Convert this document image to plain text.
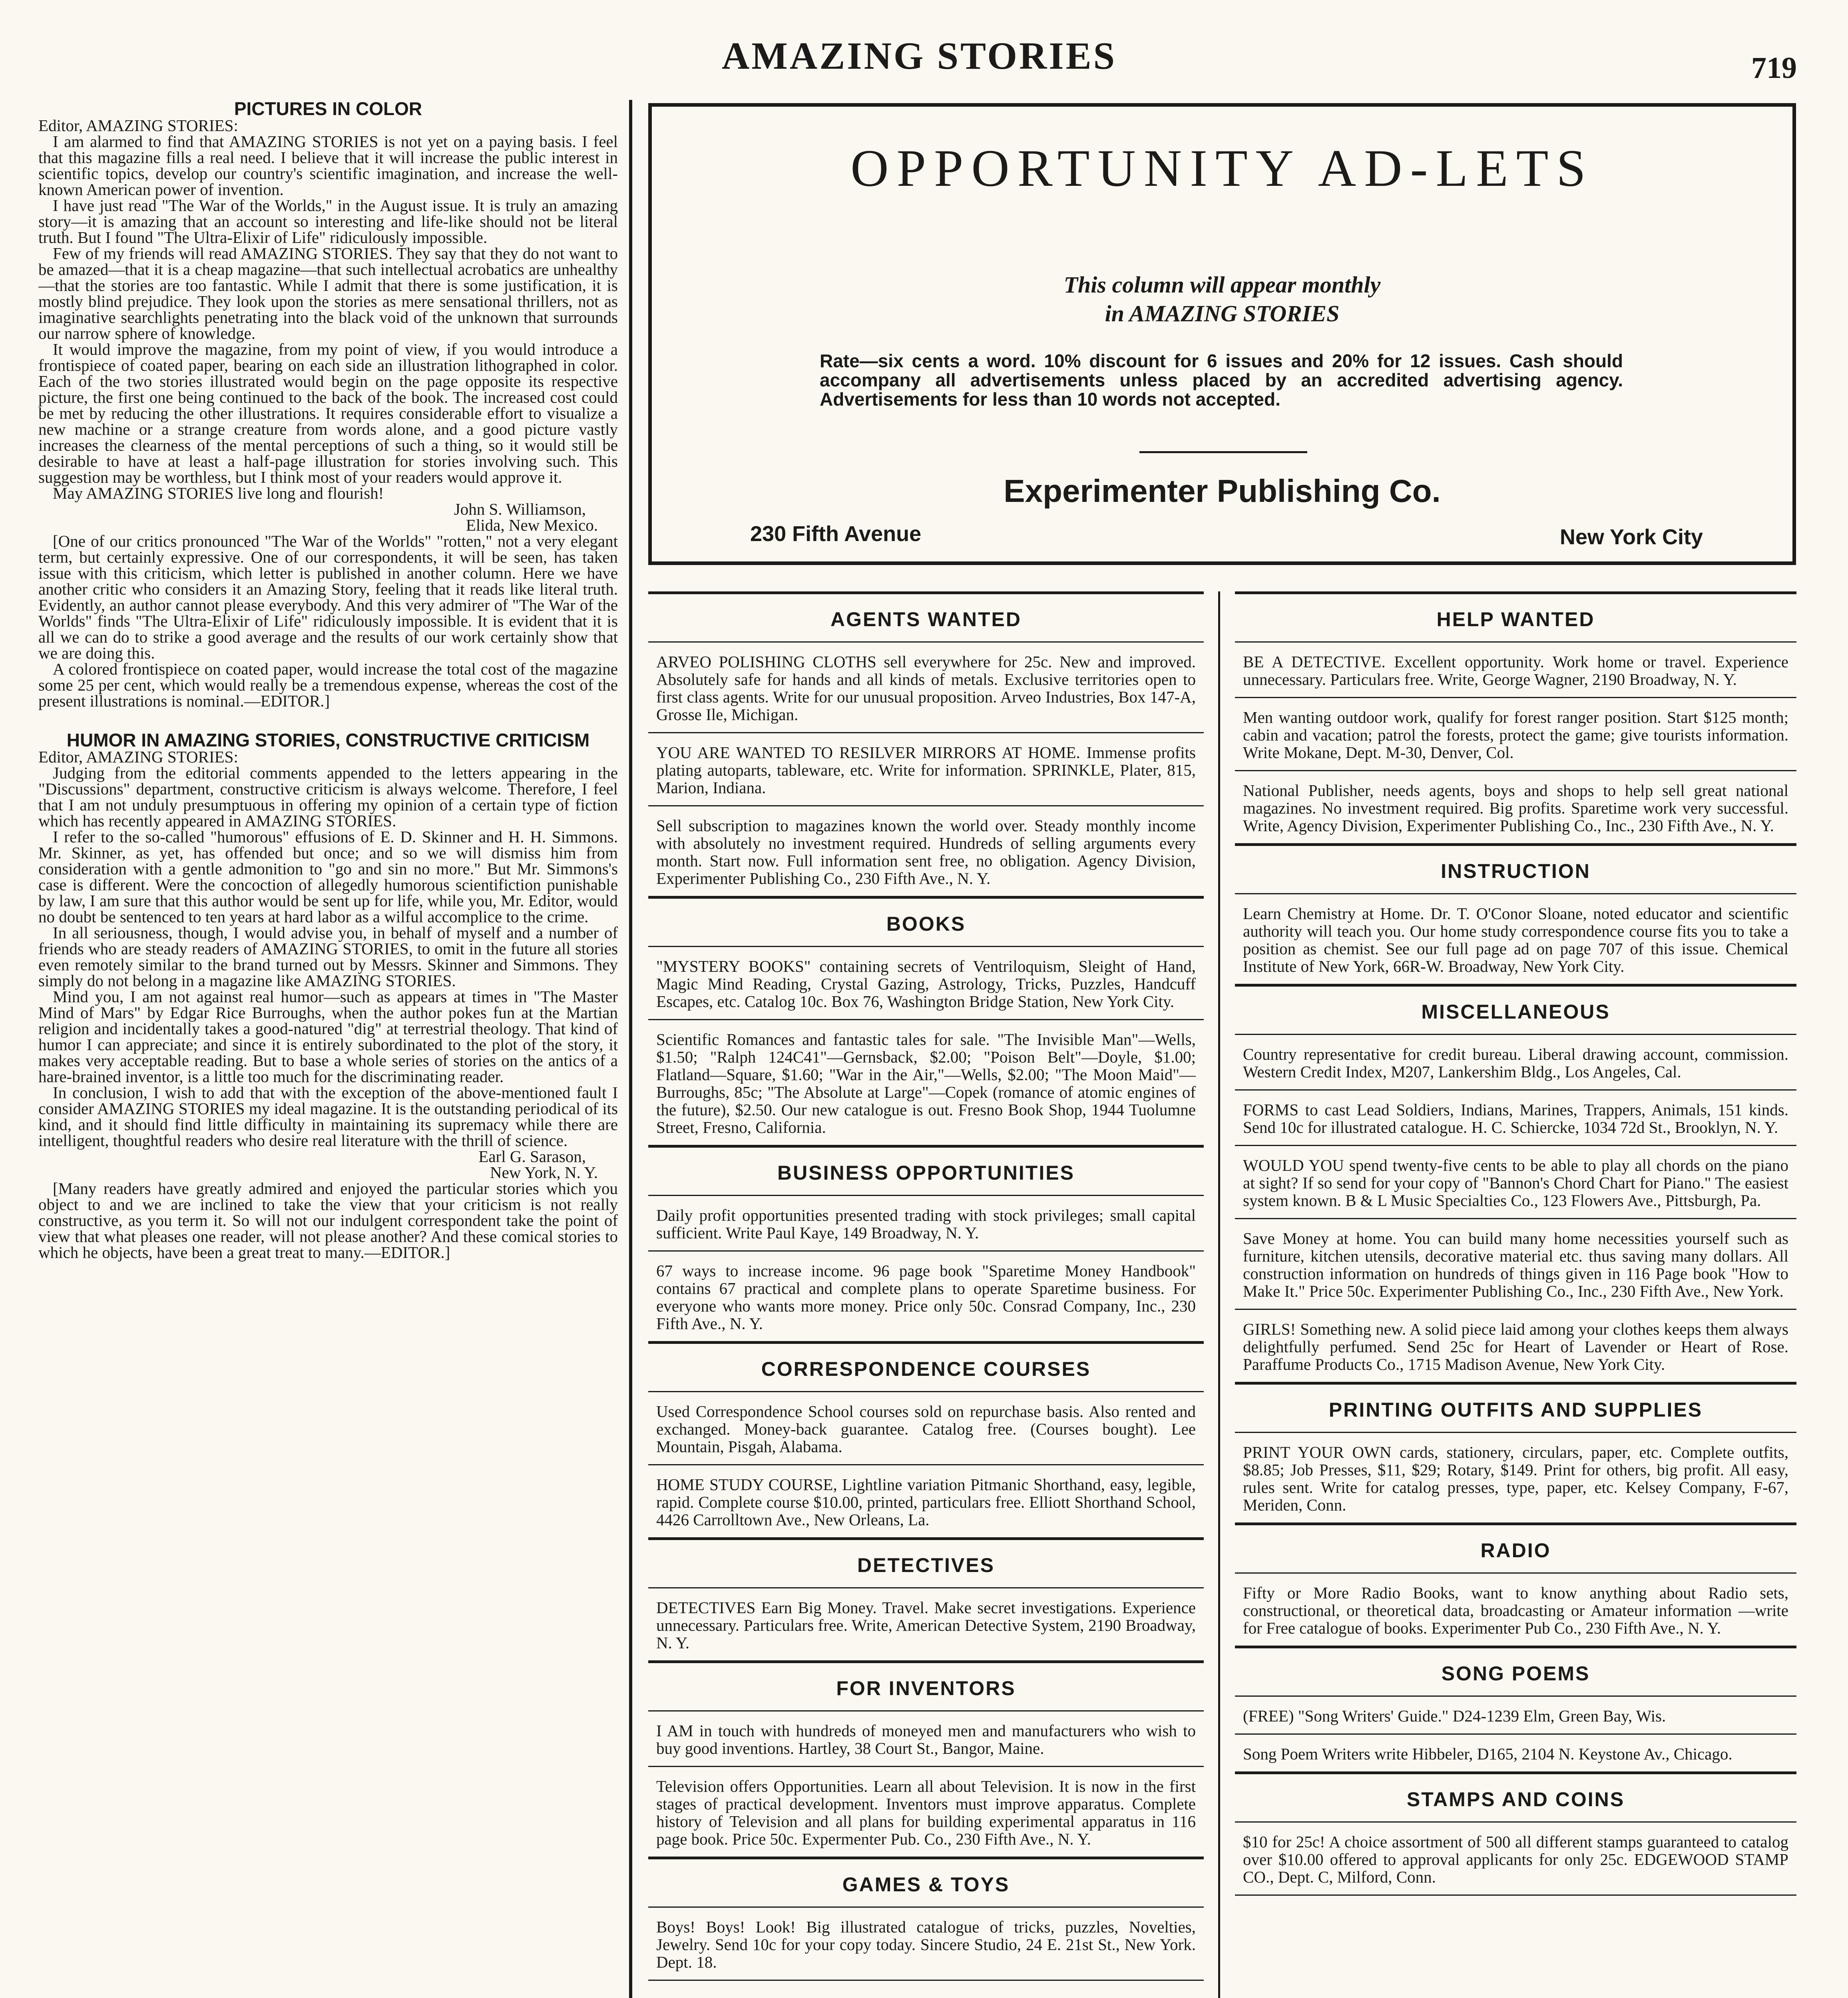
AMAZING STORIES	719
PICTURES IN COLOR

Editor, AMAZING STORIES:

I am alarmed to find that AMAZING STORIES is not yet on a paying basis. I feel that this magazine fills a real need. I believe that it will increase the public interest in scientific topics, develop our country's scientific imagination, and increase the well-known American power of invention.

I have just read "The War of the Worlds," in the August issue. It is truly an amazing story—it is amazing that an account so interesting and life-like should not be literal truth. But I found "The Ultra-Elixir of Life" ridiculously impossible.

Few of my friends will read AMAZING STORIES. They say that they do not want to be amazed—that it is a cheap magazine—that such intellectual acrobatics are unhealthy—that the stories are too fantastic. While I admit that there is some justification, it is mostly blind prejudice. They look upon the stories as mere sensational thrillers, not as imaginative searchlights penetrating into the black void of the unknown that surrounds our narrow sphere of knowledge.

It would improve the magazine, from my point of view, if you would introduce a frontispiece of coated paper, bearing on each side an illustration lithographed in color. Each of the two stories illustrated would begin on the page opposite its respective picture, the first one being continued to the back of the book. The increased cost could be met by reducing the other illustrations. It requires considerable effort to visualize a new machine or a strange creature from words alone, and a good picture vastly increases the clearness of the mental perceptions of such a thing, so it would still be desirable to have at least a half-page illustration for stories involving such. This suggestion may be worthless, but I think most of your readers would approve it.

May AMAZING STORIES live long and flourish!

John S. Williamson,

Elida, New Mexico.

[One of our critics pronounced "The War of the Worlds" "rotten," not a very elegant term, but certainly expressive. One of our correspondents, it will be seen, has taken issue with this criticism, which letter is published in another column. Here we have another critic who considers it an Amazing Story, feeling that it reads like literal truth. Evidently, an author cannot please everybody. And this very admirer of "The War of the Worlds" finds "The Ultra-Elixir of Life" ridiculously impossible. It is evident that it is all we can do to strike a good average and the results of our work certainly show that we are doing this.

A colored frontispiece on coated paper, would increase the total cost of the magazine some 25 per cent, which would really be a tremendous expense, whereas the cost of the present illustrations is nominal.—EDITOR.]

HUMOR IN AMAZING STORIES, CONSTRUCTIVE CRITICISM

Editor, AMAZING STORIES:

Judging from the editorial comments appended to the letters appearing in the "Discussions" department, constructive criticism is always welcome. Therefore, I feel that I am not unduly presumptuous in offering my opinion of a certain type of fiction which has recently appeared in AMAZING STORIES.

I refer to the so-called "humorous" effusions of E. D. Skinner and H. H. Simmons. Mr. Skinner, as yet, has offended but once; and so we will dismiss him from consideration with a gentle admonition to "go and sin no more." But Mr. Simmons's case is different. Were the concoction of allegedly humorous scientifiction punishable by law, I am sure that this author would be sent up for life, while you, Mr. Editor, would no doubt be sentenced to ten years at hard labor as a wilful accomplice to the crime.

In all seriousness, though, I would advise you, in behalf of myself and a number of friends who are steady readers of AMAZING STORIES, to omit in the future all stories even remotely similar to the brand turned out by Messrs. Skinner and Simmons. They simply do not belong in a magazine like AMAZING STORIES.

Mind you, I am not against real humor—such as appears at times in "The Master Mind of Mars" by Edgar Rice Burroughs, when the author pokes fun at the Martian religion and incidentally takes a good-natured "dig" at terrestrial theology. That kind of humor I can appreciate; and since it is entirely subordinated to the plot of the story, it makes very acceptable reading. But to base a whole series of stories on the antics of a hare-brained inventor, is a little too much for the discriminating reader.

In conclusion, I wish to add that with the exception of the above-mentioned fault I consider AMAZING STORIES my ideal magazine. It is the outstanding periodical of its kind, and it should find little difficulty in maintaining its supremacy while there are intelligent, thoughtful readers who desire real literature with the thrill of science.

Earl G. Sarason,

New York, N. Y.

[Many readers have greatly admired and enjoyed the particular stories which you object to and we are inclined to take the view that your criticism is not really constructive, as you term it. So will not our indulgent correspondent take the point of view that what pleases one reader, will not please another? And these comical stories to which he objects, have been a great treat to many.—EDITOR.]

OPPORTUNITY AD-LETS
This column will appear monthly
in AMAZING STORIES
Rate—six cents a word. 10% discount for 6 issues and 20% for 12 issues. Cash should accompany all advertisements unless placed by an accredited advertising agency. Advertisements for less than 10 words not accepted.
Experimenter Publishing Co.
230 Fifth Avenue	New York City
AGENTS WANTED
ARVEO POLISHING CLOTHS sell everywhere for 25c. New and improved. Absolutely safe for hands and all kinds of metals. Exclusive territories open to first class agents. Write for our unusual proposition. Arveo Industries, Box 147-A, Grosse Ile, Michigan.
YOU ARE WANTED TO RESILVER MIRRORS AT HOME. Immense profits plating autoparts, tableware, etc. Write for information. SPRINKLE, Plater, 815, Marion, Indiana.
Sell subscription to magazines known the world over. Steady monthly income with absolutely no investment required. Hundreds of selling arguments every month. Start now. Full information sent free, no obligation. Agency Division, Experimenter Publishing Co., 230 Fifth Ave., N. Y.
BOOKS
"MYSTERY BOOKS" containing secrets of Ventriloquism, Sleight of Hand, Magic Mind Reading, Crystal Gazing, Astrology, Tricks, Puzzles, Handcuff Escapes, etc. Catalog 10c. Box 76, Washington Bridge Station, New York City.
Scientific Romances and fantastic tales for sale. "The Invisible Man"—Wells, $1.50; "Ralph 124C41"—Gernsback, $2.00; "Poison Belt"—Doyle, $1.00; Flatland—Square, $1.60; "War in the Air,"—Wells, $2.00; "The Moon Maid"—Burroughs, 85c; "The Absolute at Large"—Copek (romance of atomic engines of the future), $2.50. Our new catalogue is out. Fresno Book Shop, 1944 Tuolumne Street, Fresno, California.
BUSINESS OPPORTUNITIES
Daily profit opportunities presented trading with stock privileges; small capital sufficient. Write Paul Kaye, 149 Broadway, N. Y.
67 ways to increase income. 96 page book "Sparetime Money Handbook" contains 67 practical and complete plans to operate Sparetime business. For everyone who wants more money. Price only 50c. Consrad Company, Inc., 230 Fifth Ave., N. Y.
CORRESPONDENCE COURSES
Used Correspondence School courses sold on repurchase basis. Also rented and exchanged. Money-back guarantee. Catalog free. (Courses bought). Lee Mountain, Pisgah, Alabama.
HOME STUDY COURSE, Lightline variation Pitmanic Shorthand, easy, legible, rapid. Complete course $10.00, printed, particulars free. Elliott Shorthand School, 4426 Carrolltown Ave., New Orleans, La.
DETECTIVES
DETECTIVES Earn Big Money. Travel. Make secret investigations. Experience unnecessary. Particulars free. Write, American Detective System, 2190 Broadway, N. Y.
FOR INVENTORS
I AM in touch with hundreds of moneyed men and manufacturers who wish to buy good inventions. Hartley, 38 Court St., Bangor, Maine.
Television offers Opportunities. Learn all about Television. It is now in the first stages of practical development. Inventors must improve apparatus. Complete history of Television and all plans for building experimental apparatus in 116 page book. Price 50c. Expermenter Pub. Co., 230 Fifth Ave., N. Y.
GAMES & TOYS
Boys! Boys! Look! Big illustrated catalogue of tricks, puzzles, Novelties, Jewelry. Send 10c for your copy today. Sincere Studio, 24 E. 21st St., New York. Dept. 18.
HELP WANTED
BE A DETECTIVE. Excellent opportunity. Work home or travel. Experience unnecessary. Particulars free. Write, George Wagner, 2190 Broadway, N. Y.
Men wanting outdoor work, qualify for forest ranger position. Start $125 month; cabin and vacation; patrol the forests, protect the game; give tourists information. Write Mokane, Dept. M-30, Denver, Col.
National Publisher, needs agents, boys and shops to help sell great national magazines. No investment required. Big profits. Sparetime work very successful. Write, Agency Division, Experimenter Publishing Co., Inc., 230 Fifth Ave., N. Y.
INSTRUCTION
Learn Chemistry at Home. Dr. T. O'Conor Sloane, noted educator and scientific authority will teach you. Our home study correspondence course fits you to take a position as chemist. See our full page ad on page 707 of this issue. Chemical Institute of New York, 66R-W. Broadway, New York City.
MISCELLANEOUS
Country representative for credit bureau. Liberal drawing account, commission. Western Credit Index, M207, Lankershim Bldg., Los Angeles, Cal.
FORMS to cast Lead Soldiers, Indians, Marines, Trappers, Animals, 151 kinds. Send 10c for illustrated catalogue. H. C. Schiercke, 1034 72d St., Brooklyn, N. Y.
WOULD YOU spend twenty-five cents to be able to play all chords on the piano at sight? If so send for your copy of "Bannon's Chord Chart for Piano." The easiest system known. B & L Music Specialties Co., 123 Flowers Ave., Pittsburgh, Pa.
Save Money at home. You can build many home necessities yourself such as furniture, kitchen utensils, decorative material etc. thus saving many dollars. All construction information on hundreds of things given in 116 Page book "How to Make It." Price 50c. Experimenter Publishing Co., Inc., 230 Fifth Ave., New York.
GIRLS! Something new. A solid piece laid among your clothes keeps them always delightfully perfumed. Send 25c for Heart of Lavender or Heart of Rose. Paraffume Products Co., 1715 Madison Avenue, New York City.
PRINTING OUTFITS AND SUPPLIES
PRINT YOUR OWN cards, stationery, circulars, paper, etc. Complete outfits, $8.85; Job Presses, $11, $29; Rotary, $149. Print for others, big profit. All easy, rules sent. Write for catalog presses, type, paper, etc. Kelsey Company, F-67, Meriden, Conn.
RADIO
Fifty or More Radio Books, want to know anything about Radio sets, constructional, or theoretical data, broadcasting or Amateur information —write for Free catalogue of books. Experimenter Pub Co., 230 Fifth Ave., N. Y.
SONG POEMS
(FREE) "Song Writers' Guide." D24-1239 Elm, Green Bay, Wis.
Song Poem Writers write Hibbeler, D165, 2104 N. Keystone Av., Chicago.
STAMPS AND COINS
$10 for 25c! A choice assortment of 500 all different stamps guaranteed to catalog over $10.00 offered to approval applicants for only 25c. EDGEWOOD STAMP CO., Dept. C, Milford, Conn.
